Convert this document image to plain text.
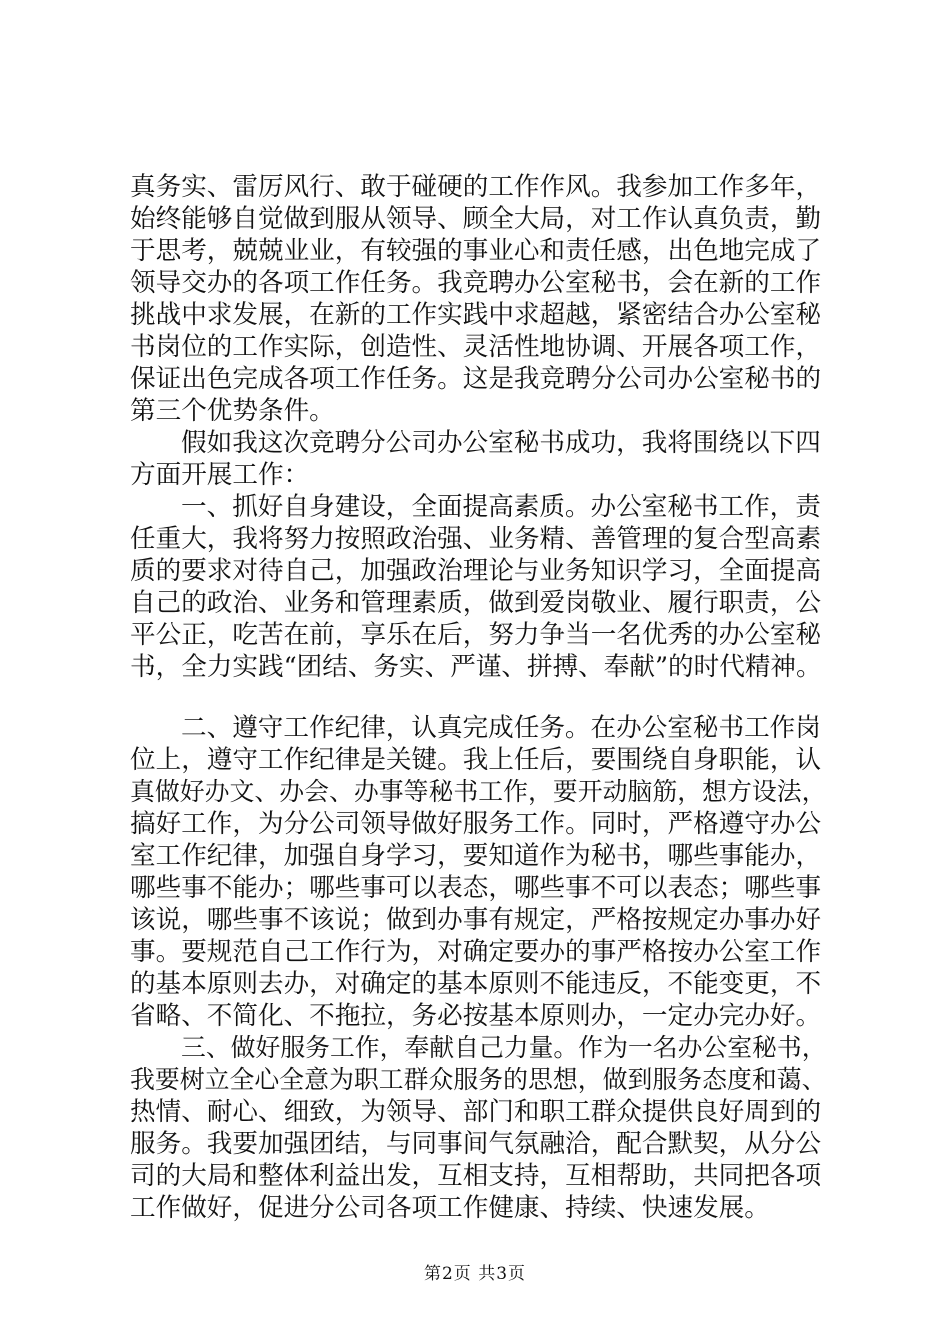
真务实、雷厉风行、敢于碰硬的工作作风。我参加工作多年，
始终能够自觉做到服从领导、顾全大局，对工作认真负责，勤
于思考，兢兢业业，有较强的事业心和责任感，出色地完成了
领导交办的各项工作任务。我竞聘办公室秘书，会在新的工作
挑战中求发展，在新的工作实践中求超越，紧密结合办公室秘
书岗位的工作实际，创造性、灵活性地协调、开展各项工作，
保证出色完成各项工作任务。这是我竞聘分公司办公室秘书的
第三个优势条件。

假如我这次竞聘分公司办公室秘书成功，我将围绕以下四
方面开展工作：

一、抓好自身建设，全面提高素质。办公室秘书工作，责
任重大，我将努力按照政治强、业务精、善管理的复合型高素
质的要求对待自己，加强政治理论与业务知识学习，全面提高
自己的政治、业务和管理素质，做到爱岗敬业、履行职责，公
平公正，吃苦在前，享乐在后，努力争当一名优秀的办公室秘
书，全力实践“团结、务实、严谨、拼搏、奉献”的时代精神。

二、遵守工作纪律，认真完成任务。在办公室秘书工作岗
位上，遵守工作纪律是关键。我上任后，要围绕自身职能，认
真做好办文、办会、办事等秘书工作，要开动脑筋，想方设法，
搞好工作，为分公司领导做好服务工作。同时，严格遵守办公
室工作纪律，加强自身学习，要知道作为秘书，哪些事能办，
哪些事不能办；哪些事可以表态，哪些事不可以表态；哪些事
该说，哪些事不该说；做到办事有规定，严格按规定办事办好
事。要规范自己工作行为，对确定要办的事严格按办公室工作
的基本原则去办，对确定的基本原则不能违反，不能变更，不
省略、不简化、不拖拉，务必按基本原则办，一定办完办好。

三、做好服务工作，奉献自己力量。作为一名办公室秘书，
我要树立全心全意为职工群众服务的思想，做到服务态度和蔼、
热情、耐心、细致，为领导、部门和职工群众提供良好周到的
服务。我要加强团结，与同事间气氛融洽，配合默契，从分公
司的大局和整体利益出发，互相支持，互相帮助，共同把各项
工作做好，促进分公司各项工作健康、持续、快速发展。

第2页 共3页
